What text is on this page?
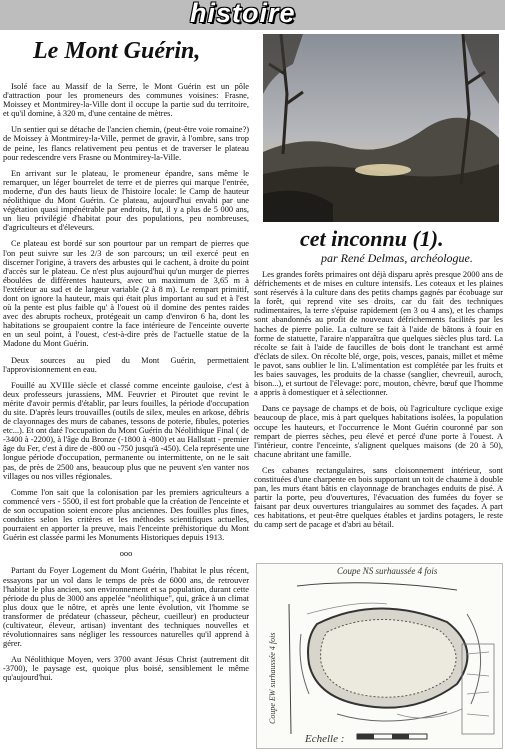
histoire
Le Mont Guérin,

Isolé face au Massif de la Serre, le Mont Guérin est un pôle d'attraction pour les promeneurs des communes voisines: Frasne, Moissey et Montmirey-la-Ville dont il occupe la partie sud du territoire, et qu'il domine, à 320 m, d'une centaine de mètres.

Un sentier qui se détache de l'ancien chemin, (peut-être voie romaine?) de Moissey à Montmirey-la-Ville, permet de gravir, à l'ombre, sans trop de peine, les flancs relativement peu pentus et de traverser le plateau pour redescendre vers Frasne ou Montmirey-la-Ville.

En arrivant sur le plateau, le promeneur épandre, sans même le remarquer, un léger bourrelet de terre et de pierres qui marque l'entrée, moderne, d'un des hauts lieux de l'histoire locale: le Camp de hauteur néolithique du Mont Guérin. Ce plateau, aujourd'hui envahi par une végétation quasi impénétrable par endroits, fut, il y a plus de 5 000 ans, un lieu privilégié d'habitat pour des populations, peu nombreuses, d'agriculteurs et d'éleveurs.

Ce plateau est bordé sur son pourtour par un rempart de pierres que l'on peut suivre sur les 2/3 de son parcours; un œil exercé peut en discerner l'origine, à travers des arbustes qui le cachent, à droite du point d'accès sur le plateau. Ce n'est plus aujourd'hui qu'un murger de pierres éboulées de différentes hauteurs, avec un maximum de 3,65 m à l'extérieur au sud et de largeur variable (2 à 8 m). Le rempart primitif, dont on ignore la hauteur, mais qui était plus important au sud et à l'est où la pente est plus faible qu' à l'ouest où il domine des pentes raides avec des abrupts rocheux, protégeait un camp d'environ 6 ha, dont les habitations se groupaient contre la face intérieure de l'enceinte ouverte en un seul point, à l'ouest, c'est-à-dire près de l'actuelle statue de la Madone du Mont Guérin.

Deux sources au pied du Mont Guérin, permettaient l'approvisionnement en eau.

Fouillé au XVIIIe siècle et classé comme enceinte gauloise, c'est à deux professeurs jurassiens, MM. Feuvrier et Piroutet que revint le mérite d'avoir permis d'établir, par leurs fouilles, la période d'occupation du site. D'après leurs trouvailles (outils de silex, meules en arkose, débris de clayonnages des murs de cabanes, tessons de poterie, fibules, poteries etc...). Et ont daté l'occupation du Mont Guérin du Néolithique Final ( de -3400 à -2200), à l'âge du Bronze (-1800 à -800) et au Hallstatt - premier âge du Fer, c'est à dire de -800 ou -750 jusqu'à -450). Cela représente une longue période d'occupation, permanente ou intermittente, on ne le sait pas, de près de 2500 ans, beaucoup plus que ne peuvent s'en vanter nos villages ou nos villes régionales.

Comme l'on sait que la colonisation par les premiers agriculteurs a commencé vers - 5500, il est fort probable que la création de l'enceinte et de son occupation soient encore plus anciennes. Des fouilles plus fines, conduites selon les critères et les méthodes scientifiques actuelles, pourraient en apporter la preuve, mais l'enceinte préhistorique du Mont Guérin est classée parmi les Monuments Historiques depuis 1913.

ooo

Partant du Foyer Logement du Mont Guérin, l'habitat le plus récent, essayons par un vol dans le temps de près de 6000 ans, de retrouver l'habitat le plus ancien, son environnement et sa population, durant cette période du plus de 3000 ans appelée "néolithique", qui, grâce à un climat plus doux que le nôtre, et après une lente évolution, vit l'homme se transformer de prédateur (chasseur, pêcheur, cueilleur) en producteur (cultivateur, éleveur, artisan) inventant des techniques nouvelles et révolutionnaires sans négliger les ressources naturelles qu'il apprend à gérer.

Au Néolithique Moyen, vers 3700 avant Jésus Christ (autrement dit -3700), le paysage est, quoique plus boisé, sensiblement le même qu'aujourd'hui.

cet inconnu (1).
par René Delmas, archéologue.

Les grandes forêts primaires ont déjà disparu après presque 2000 ans de défrichements et de mises en culture intensifs. Les coteaux et les plaines sont réservés à la culture dans des petits champs gagnés par écobuage sur la forêt, qui reprend vite ses droits, car du fait des techniques rudimentaires, la terre s'épuise rapidement (en 3 ou 4 ans), et les champs sont abandonnés au profit de nouveaux défrichements facilités par les haches de pierre polie. La culture se fait à l'aide de bâtons à fouir en forme de statuette, l'araire n'apparaîtra que quelques siècles plus tard. La récolte se fait à l'aide de faucilles de bois dont le tranchant est armé d'éclats de silex. On récolte blé, orge, pois, vesces, panais, millet et même le pavot, sans oublier le lin. L'alimentation est complétée par les fruits et les baies sauvages, les produits de la chasse (sanglier, chevreuil, auroch, bison...), et surtout de l'élevage: porc, mouton, chèvre, bœuf que l'homme a appris à domestiquer et à sélectionner.

Dans ce paysage de champs et de bois, où l'agriculture cyclique exige beaucoup de place, mis à part quelques habitations isolées, la population occupe les hauteurs, et l'occurrence le Mont Guérin couronné par son rempart de pierres sèches, peu élevé et percé d'une porte à l'ouest. A l'intérieur, contre l'enceinte, s'alignent quelques maisons (de 20 à 50), chacune abritant une famille.

Ces cabanes rectangulaires, sans cloisonnement intérieur, sont constituées d'une charpente en bois supportant un toit de chaume à double pan, les murs étant bâtis en clayonnage de branchages enduits de pisé. A partir la porte, peu d'ouvertures, l'évacuation des fumées du foyer se faisant par deux ouvertures triangulaires au sommet des façades. A part ces habitations, et peut-être quelques étables et jardins potagers, le reste du camp sert de pacage et d'abri au bétail.

Coupe NS surhaussée 4 fois
Coupe EW surhaussée 4 fois
Echelle :
